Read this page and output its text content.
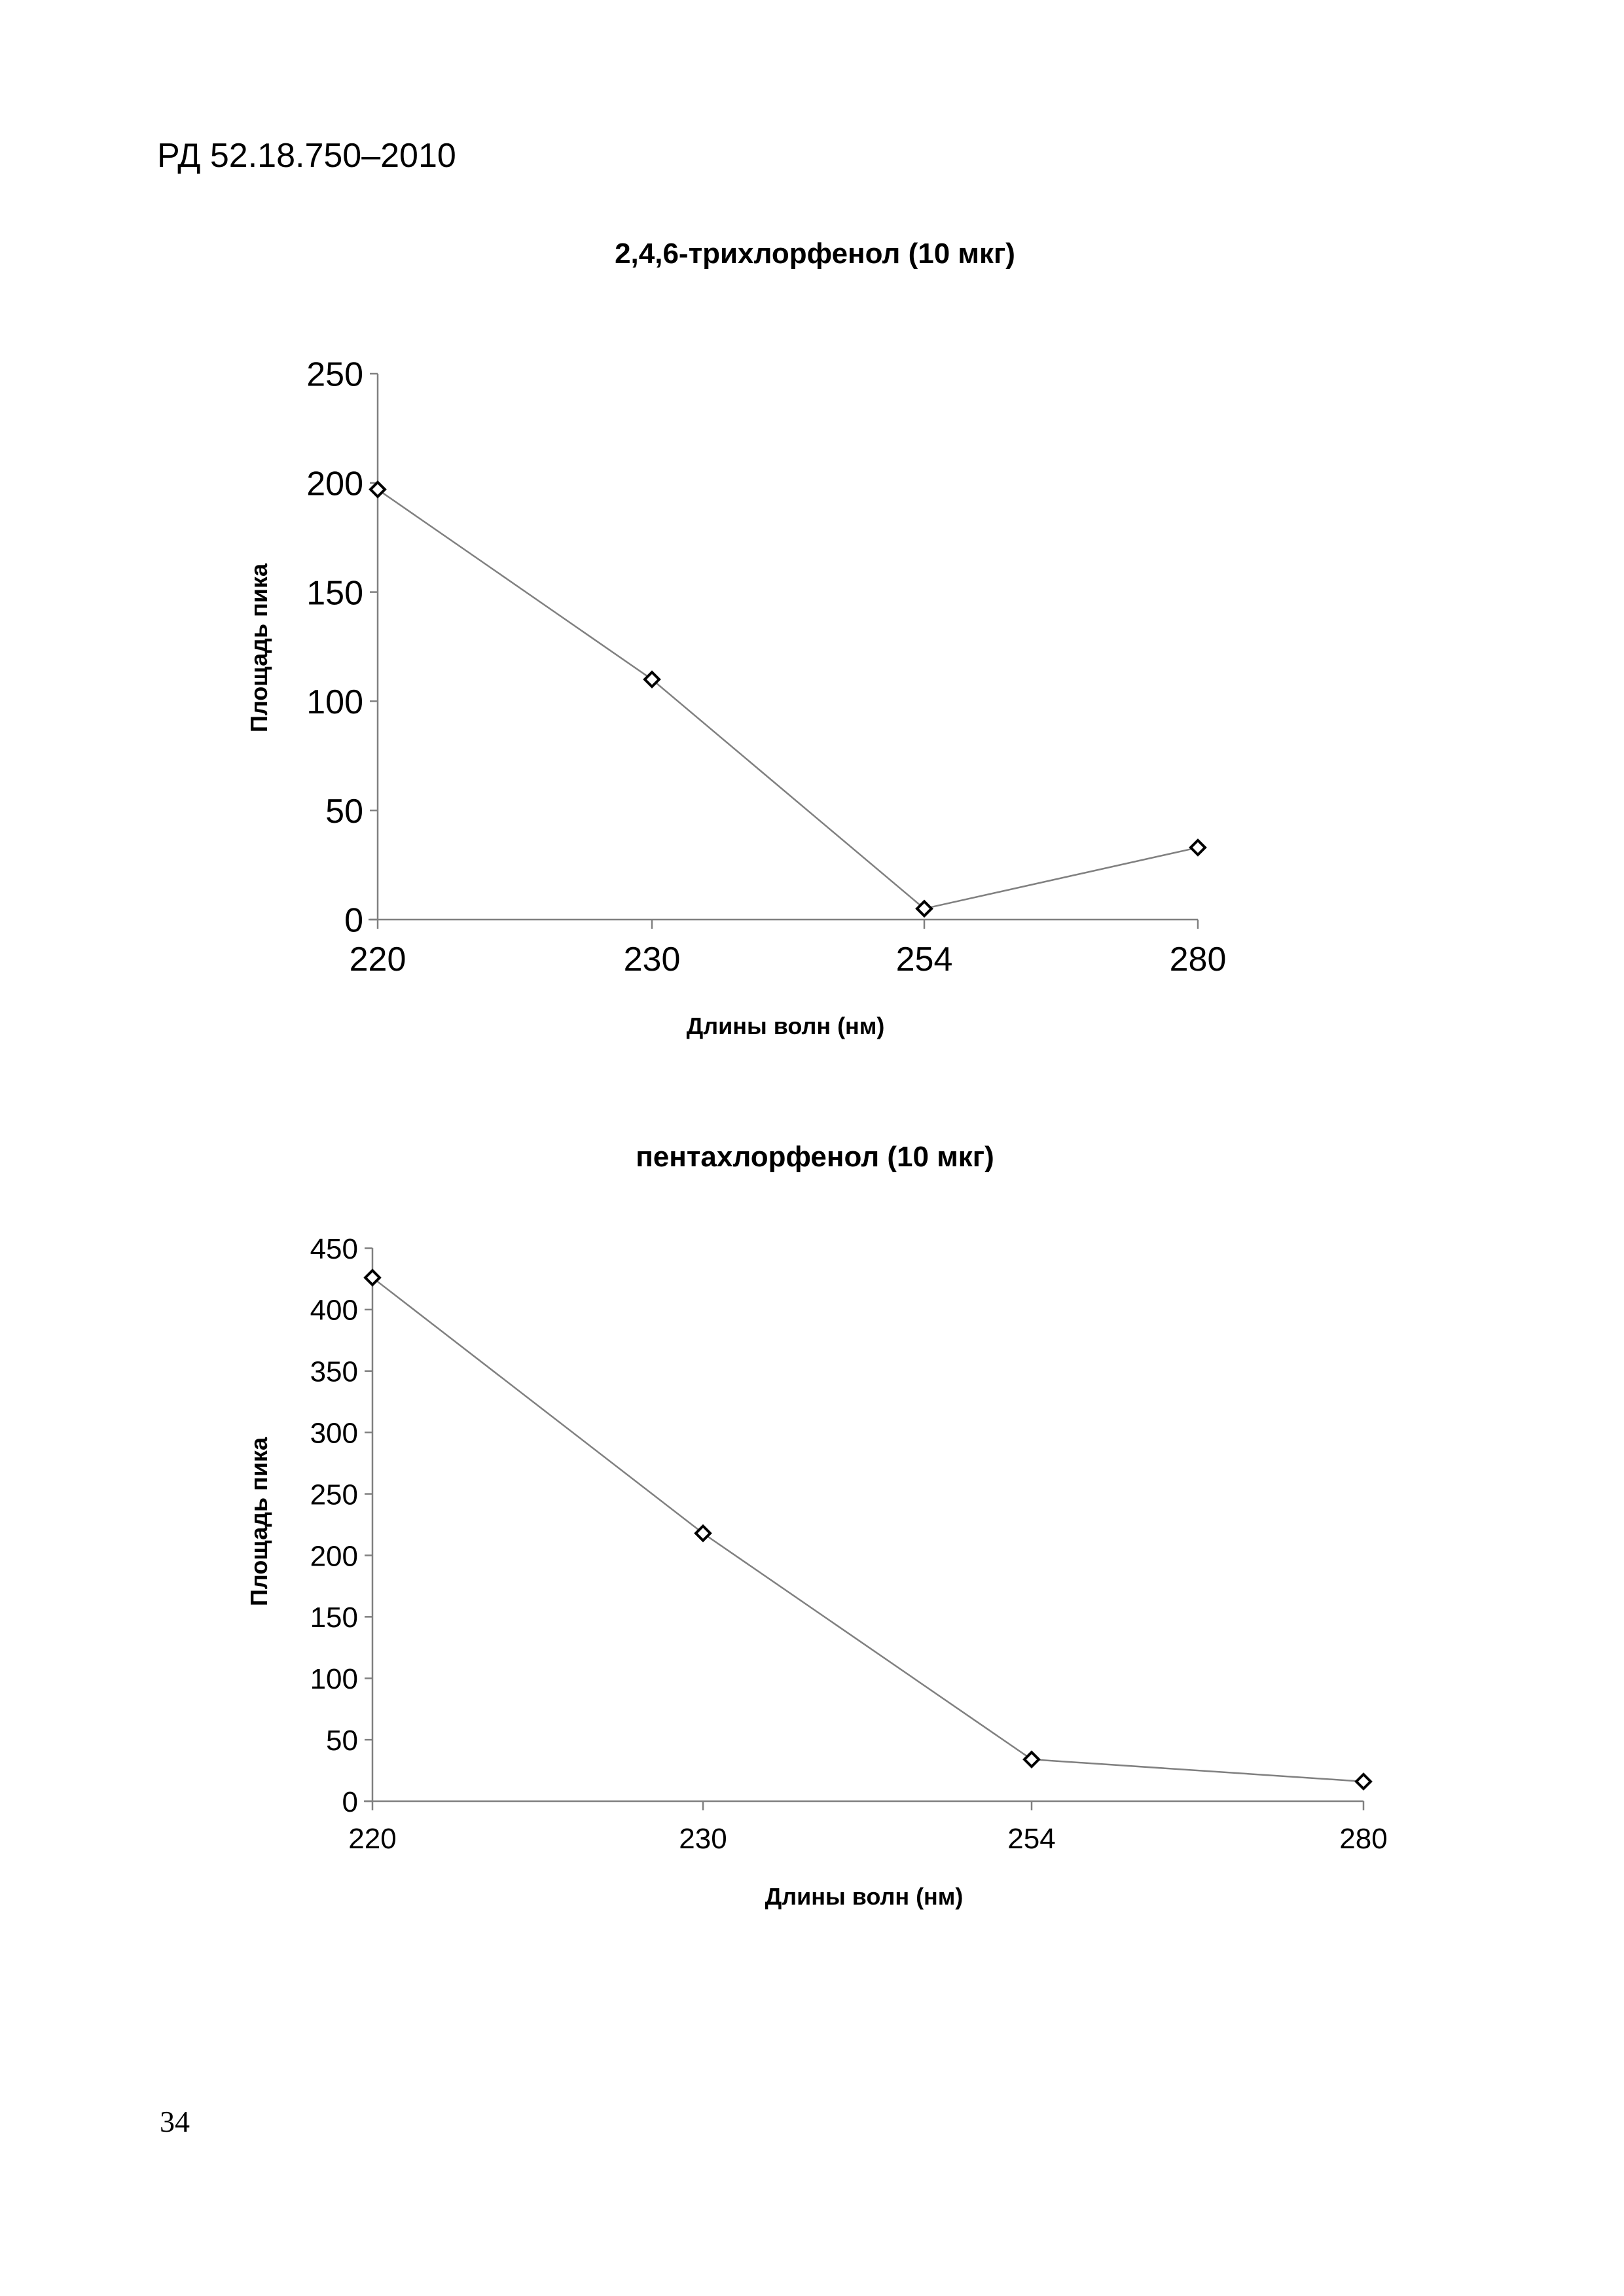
РД 52.18.750–2010
2,4,6-трихлорфенол (10 мкг)
Площадь пика
Длины волн (нм)
0
50
100
150
200
250
220	230	254	280
пентахлорфенол (10 мкг)
Площадь пика
Длины волн (нм)
0
50
100
150
200
250
300
350
400
450
220	230	254	280
34
